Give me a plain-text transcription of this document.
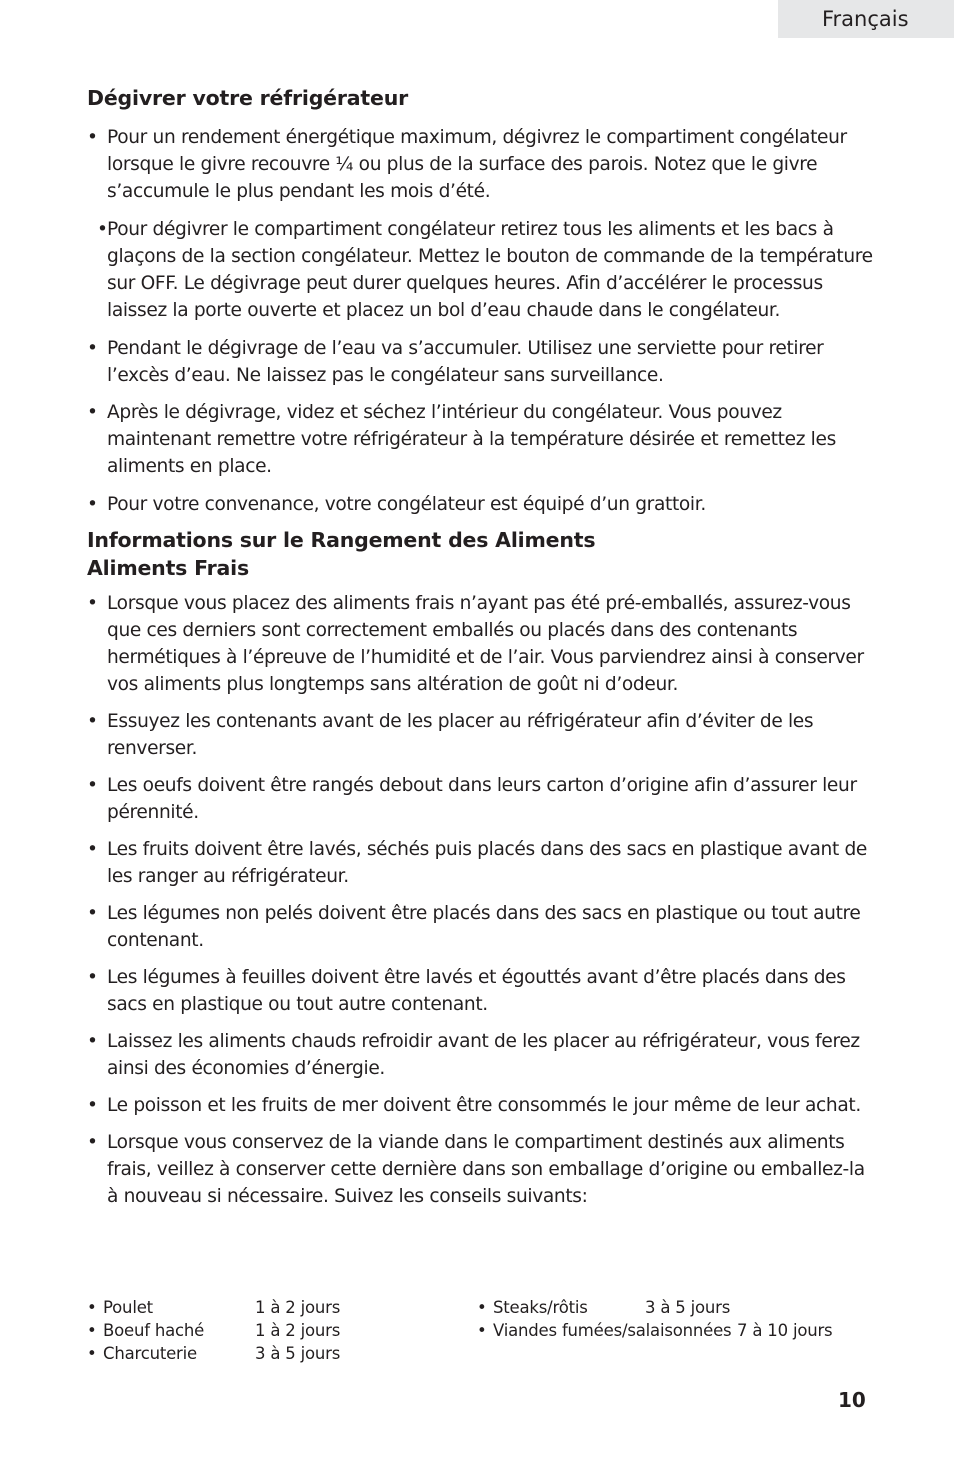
Français
Dégivrer votre réfrigérateur
• Pour un rendement énergétique maximum, dégivrez le compartiment congélateur lorsque le givre recouvre ¼ ou plus de la surface des parois. Notez que le givre s’accumule le plus pendant les mois d’été.
• Pour dégivrer le compartiment congélateur retirez tous les aliments et les bacs à glaçons de la section congélateur. Mettez le bouton de commande de la température sur OFF. Le dégivrage peut durer quelques heures. Afin d’accélérer le processus laissez la porte ouverte et placez un bol d’eau chaude dans le congélateur.
• Pendant le dégivrage de l’eau va s’accumuler. Utilisez une serviette pour retirer l’excès d’eau. Ne laissez pas le congélateur sans surveillance.
• Après le dégivrage, videz et séchez l’intérieur du congélateur. Vous pouvez maintenant remettre votre réfrigérateur à la température désirée et remettez les aliments en place.
• Pour votre convenance, votre congélateur est équipé d’un grattoir.
Informations sur le Rangement des Aliments
Aliments Frais
• Lorsque vous placez des aliments frais n’ayant pas été pré-emballés, assurez-vous que ces derniers sont correctement emballés ou placés dans des contenants hermétiques à l’épreuve de l’humidité et de l’air. Vous parviendrez ainsi à conserver vos aliments plus longtemps sans altération de goût ni d’odeur.
• Essuyez les contenants avant de les placer au réfrigérateur afin d’éviter de les renverser.
• Les oeufs doivent être rangés debout dans leurs carton d’origine afin d’assurer leur pérennité.
• Les fruits doivent être lavés, séchés puis placés dans des sacs en plastique avant de les ranger au réfrigérateur.
• Les légumes non pelés doivent être placés dans des sacs en plastique ou tout autre contenant.
• Les légumes à feuilles doivent être lavés et égouttés avant d’être placés dans des sacs en plastique ou tout autre contenant.
• Laissez les aliments chauds refroidir avant de les placer au réfrigérateur, vous ferez ainsi des économies d’énergie.
• Le poisson et les fruits de mer doivent être consommés le jour même de leur achat.
• Lorsque vous conservez de la viande dans le compartiment destinés aux aliments frais, veillez à conserver cette dernière dans son emballage d’origine ou emballez-la à nouveau si nécessaire. Suivez les conseils suivants:
• Poulet	1 à 2 jours	• Steaks/rôtis	3 à 5 jours
• Boeuf haché	1 à 2 jours	• Viandes fumées/salaisonnées 7 à 10 jours
• Charcuterie	3 à 5 jours
10
